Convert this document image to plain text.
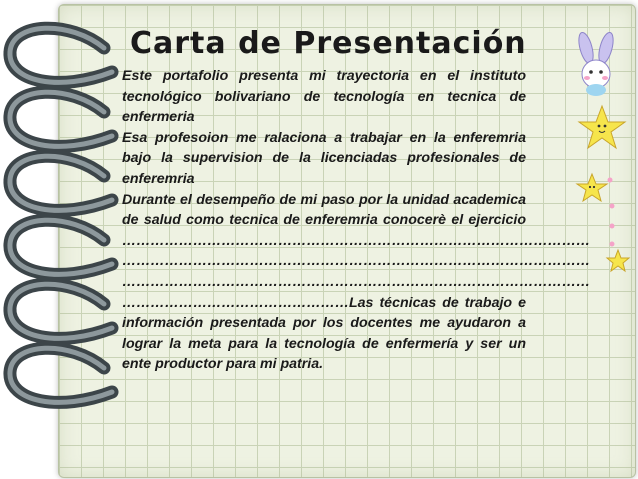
Carta de Presentación

Este portafolio presenta mi trayectoria en el instituto tecnológico bolivariano de tecnología en tecnica de enfermeria

Esa profesoion me ralaciona a trabajar en la enferemria bajo la supervision de la licenciadas profesionales de enferemria

Durante el desempeño de mi paso por la unidad academica de salud como tecnica de enferemria conocerè el ejercicio

………………………………………………………………………………………
………………………………………………………………………………………
………………………………………………………………………………………

…………………………………………Las técnicas de trabajo e información presentada por los docentes me ayudaron a lograr la meta para la tecnología de enfermería y ser un ente productor para mi patria.
